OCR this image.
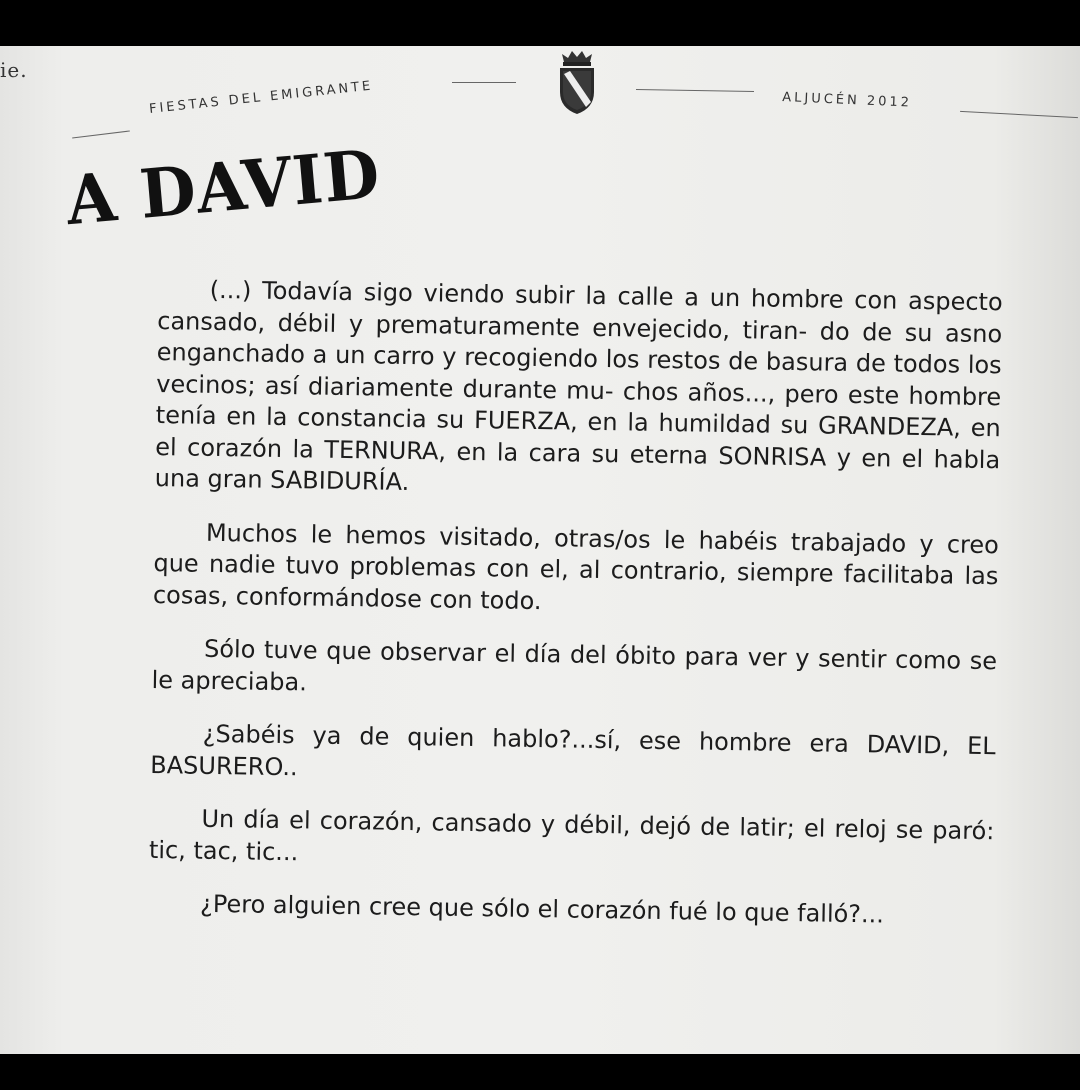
ie.
FIESTAS DEL EMIGRANTE	ALJUCÉN 2012
A DAVID

(...) Todavía sigo viendo subir la calle a un hombre con aspecto cansado, débil y prematuramente envejecido, tiran- do de su asno enganchado a un carro y recogiendo los restos de basura de todos los vecinos; así diariamente durante mu- chos años..., pero este hombre tenía en la constancia su FUERZA, en la humildad su GRANDEZA, en el corazón la TERNURA, en la cara su eterna SONRISA y en el habla una gran SABIDURÍA.

Muchos le hemos visitado, otras/os le habéis trabajado y creo que nadie tuvo problemas con el, al contrario, siempre facilitaba las cosas, conformándose con todo.

Sólo tuve que observar el día del óbito para ver y sentir como se le apreciaba.

¿Sabéis ya de quien hablo?...sí, ese hombre era DAVID, EL BASURERO..

Un día el corazón, cansado y débil, dejó de latir; el reloj se paró: tic, tac, tic...

¿Pero alguien cree que sólo el corazón fué lo que falló?...
